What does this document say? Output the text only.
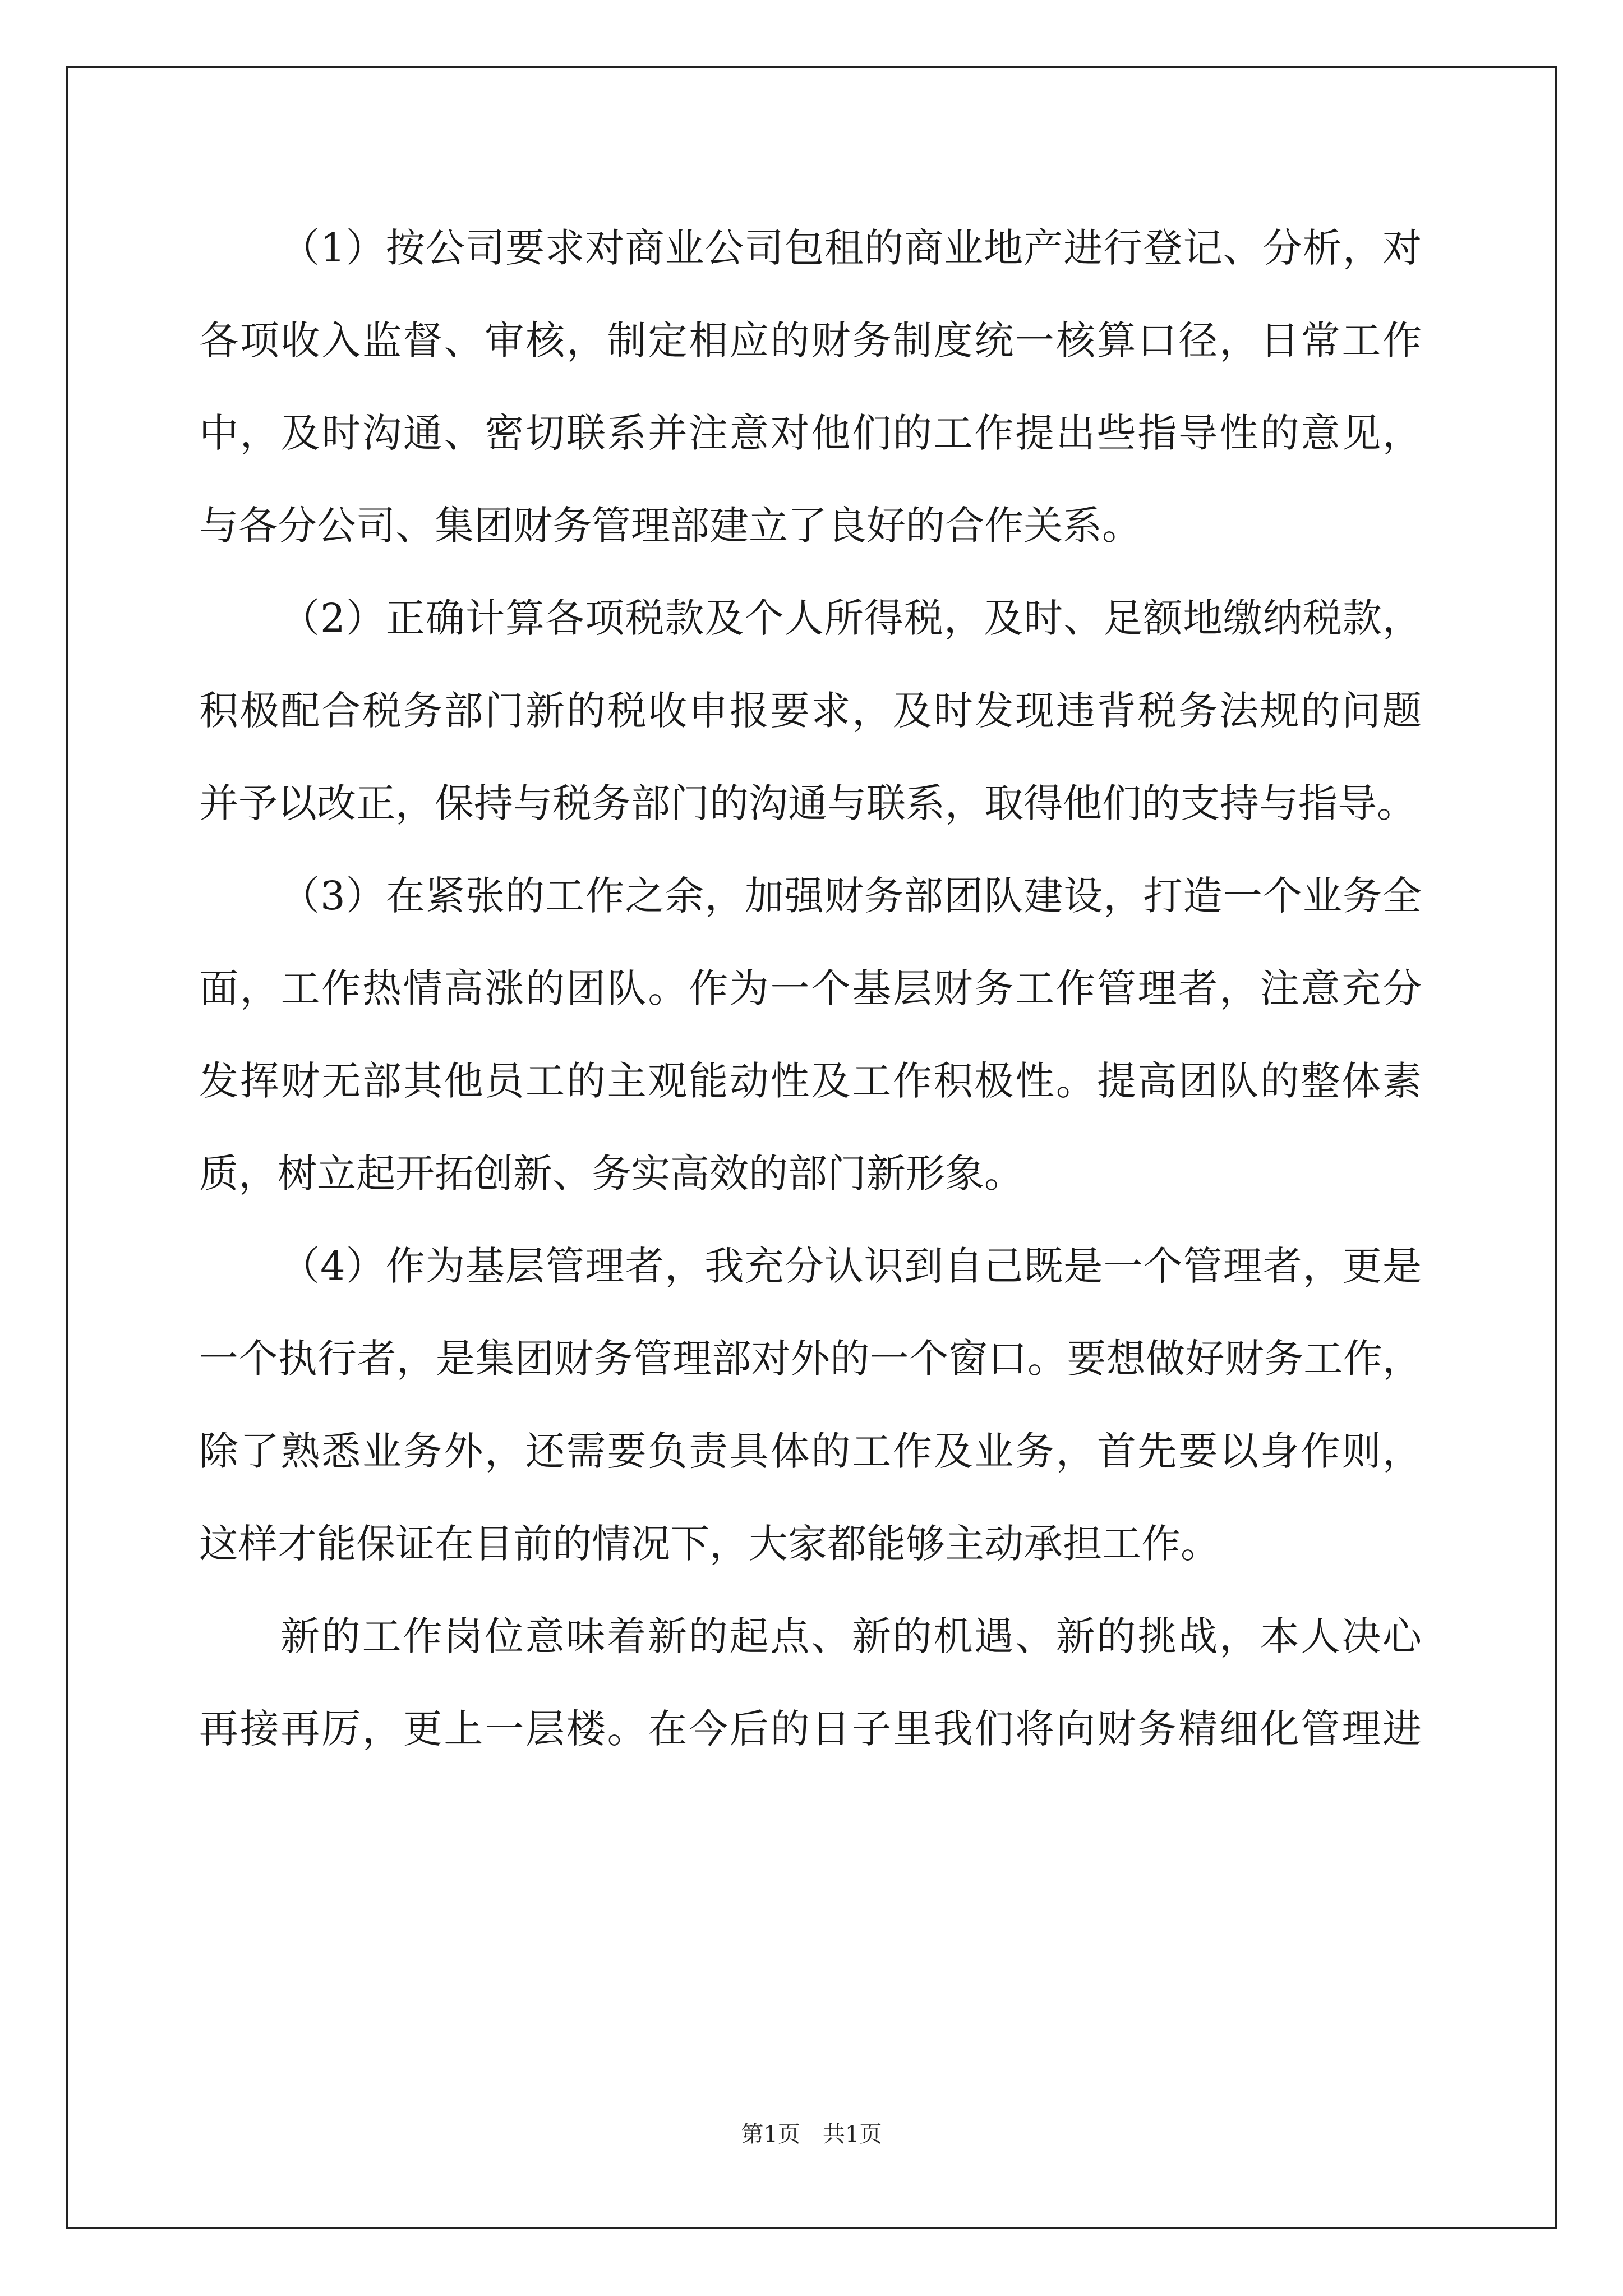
（1）按公司要求对商业公司包租的商业地产进行登记、分析，对
各项收入监督、审核，制定相应的财务制度统一核算口径，日常工作
中，及时沟通、密切联系并注意对他们的工作提出些指导性的意见，
与各分公司、集团财务管理部建立了良好的合作关系。
（2）正确计算各项税款及个人所得税，及时、足额地缴纳税款，
积极配合税务部门新的税收申报要求，及时发现违背税务法规的问题
并予以改正，保持与税务部门的沟通与联系，取得他们的支持与指导。
（3）在紧张的工作之余，加强财务部团队建设，打造一个业务全
面，工作热情高涨的团队。作为一个基层财务工作管理者，注意充分
发挥财无部其他员工的主观能动性及工作积极性。提高团队的整体素
质，树立起开拓创新、务实高效的部门新形象。
（4）作为基层管理者，我充分认识到自己既是一个管理者，更是
一个执行者，是集团财务管理部对外的一个窗口。要想做好财务工作，
除了熟悉业务外，还需要负责具体的工作及业务，首先要以身作则，
这样才能保证在目前的情况下，大家都能够主动承担工作。
新的工作岗位意味着新的起点、新的机遇、新的挑战，本人决心
再接再厉，更上一层楼。在今后的日子里我们将向财务精细化管理进
第1页　共1页
